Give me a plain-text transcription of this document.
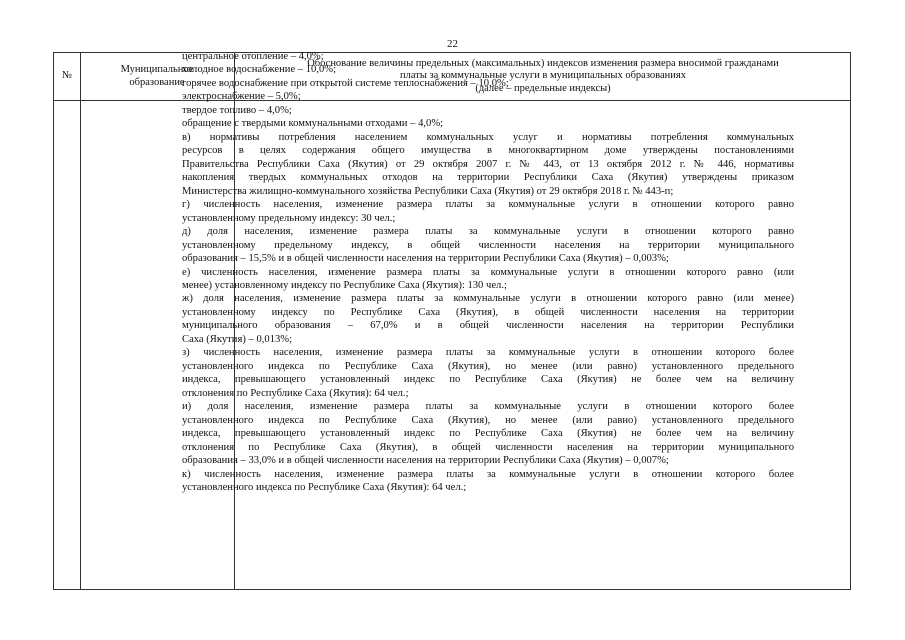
22
№
Муниципальное
образование
Обоснование величины предельных (максимальных) индексов изменения размера вносимой гражданами
платы за коммунальные услуги в муниципальных образованиях
(далее – предельные индексы)
центральное отопление – 4,0%;
холодное водоснабжение – 10,0%;
горячее водоснабжение при открытой системе теплоснабжения – 10,0%;
электроснабжение – 5,0%;
твердое топливо – 4,0%;
обращение с твердыми коммунальными отходами – 4,0%;
в) нормативы потребления населением коммунальных услуг и нормативы потребления коммунальных
ресурсов в целях содержания общего имущества в многоквартирном доме утверждены постановлениями
Правительства Республики Саха (Якутия) от 29 октября 2007 г. № 443, от 13 октября 2012 г. № 446, нормативы
накопления твердых коммунальных отходов на территории Республики Саха (Якутия) утверждены приказом
Министерства жилищно-коммунального хозяйства Республики Саха (Якутия) от 29 октября 2018 г. № 443-п;
г) численность населения, изменение размера платы за коммунальные услуги в отношении которого равно
установленному предельному индексу: 30 чел.;
д) доля населения, изменение размера платы за коммунальные услуги в отношении которого равно
установленному предельному индексу, в общей численности населения на территории муниципального
образования – 15,5% и в общей численности населения на территории Республики Саха (Якутия) – 0,003%;
е) численность населения, изменение размера платы за коммунальные услуги в отношении которого равно (или
менее) установленному индексу по Республике Саха (Якутия): 130 чел.;
ж) доля населения, изменение размера платы за коммунальные услуги в отношении которого равно (или менее)
установленному индексу по Республике Саха (Якутия), в общей численности населения на территории
муниципального образования – 67,0% и в общей численности населения на территории Республики
Саха (Якутия) – 0,013%;
з) численность населения, изменение размера платы за коммунальные услуги в отношении которого более
установленного индекса по Республике Саха (Якутия), но менее (или равно) установленного предельного
индекса, превышающего установленный индекс по Республике Саха (Якутия) не более чем на величину
отклонения по Республике Саха (Якутия): 64 чел.;
и) доля населения, изменение размера платы за коммунальные услуги в отношении которого более
установленного индекса по Республике Саха (Якутия), но менее (или равно) установленного предельного
индекса, превышающего установленный индекс по Республике Саха (Якутия) не более чем на величину
отклонения по Республике Саха (Якутия), в общей численности населения на территории муниципального
образования – 33,0% и в общей численности населения на территории Республики Саха (Якутия) – 0,007%;
к) численность населения, изменение размера платы за коммунальные услуги в отношении которого более
установленного индекса по Республике Саха (Якутия): 64 чел.;
